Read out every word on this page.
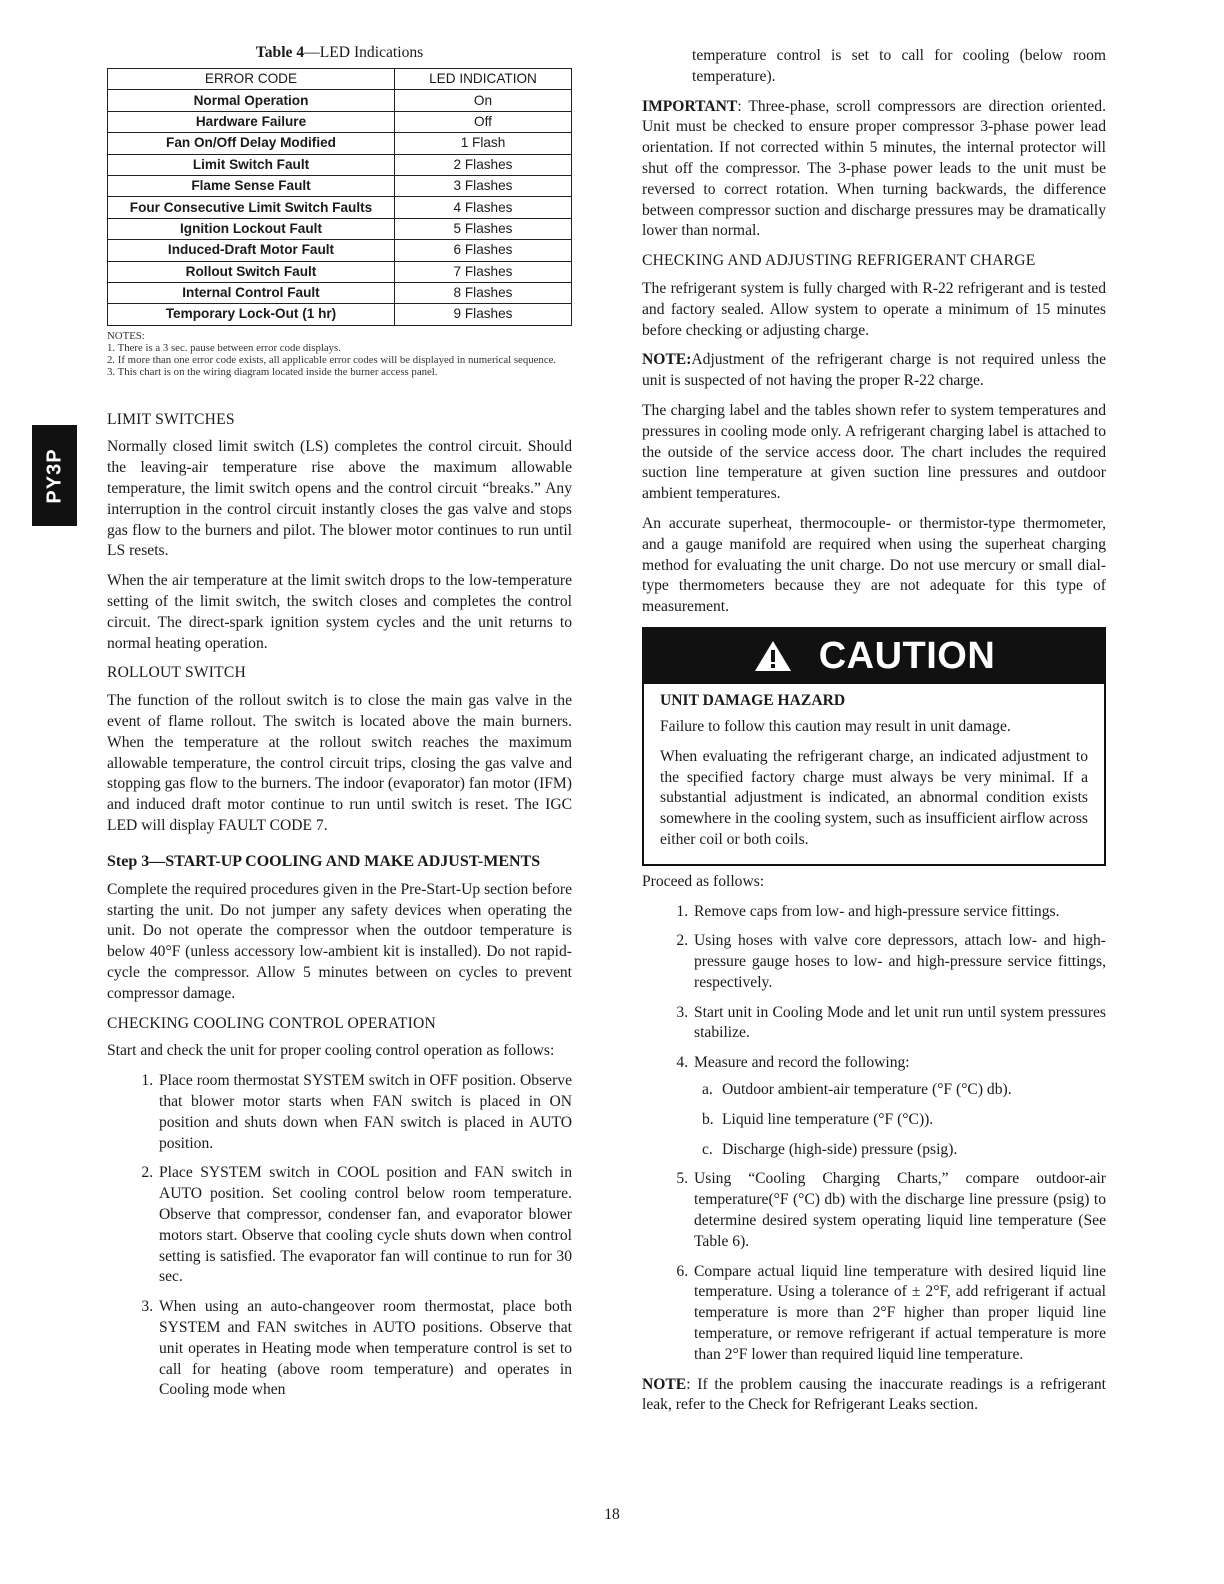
PY3P
Table 4—LED Indications
ERROR CODE	LED INDICATION
Normal Operation	On
Hardware Failure	Off
Fan On/Off Delay Modified	1 Flash
Limit Switch Fault	2 Flashes
Flame Sense Fault	3 Flashes
Four Consecutive Limit Switch Faults	4 Flashes
Ignition Lockout Fault	5 Flashes
Induced-Draft Motor Fault	6 Flashes
Rollout Switch Fault	7 Flashes
Internal Control Fault	8 Flashes
Temporary Lock-Out (1 hr)	9 Flashes
NOTES:
1. There is a 3 sec. pause between error code displays.
2. If more than one error code exists, all applicable error codes will be displayed in numerical sequence.
3. This chart is on the wiring diagram located inside the burner access panel.
LIMIT SWITCHES

Normally closed limit switch (LS) completes the control circuit. Should the leaving-air temperature rise above the maximum allowable temperature, the limit switch opens and the control circuit “breaks.” Any interruption in the control circuit instantly closes the gas valve and stops gas flow to the burners and pilot. The blower motor continues to run until LS resets.

When the air temperature at the limit switch drops to the low-temperature setting of the limit switch, the switch closes and completes the control circuit. The direct-spark ignition system cycles and the unit returns to normal heating operation.

ROLLOUT SWITCH

The function of the rollout switch is to close the main gas valve in the event of flame rollout. The switch is located above the main burners. When the temperature at the rollout switch reaches the maximum allowable temperature, the control circuit trips, closing the gas valve and stopping gas flow to the burners. The indoor (evaporator) fan motor (IFM) and induced draft motor continue to run until switch is reset. The IGC LED will display FAULT CODE 7.

Step 3—START-UP COOLING AND MAKE ADJUST-MENTS

Complete the required procedures given in the Pre-Start-Up section before starting the unit. Do not jumper any safety devices when operating the unit. Do not operate the compressor when the outdoor temperature is below 40°F (unless accessory low-ambient kit is installed). Do not rapid-cycle the compressor. Allow 5 minutes between on cycles to prevent compressor damage.

CHECKING COOLING CONTROL OPERATION

Start and check the unit for proper cooling control operation as follows:

1. Place room thermostat SYSTEM switch in OFF position. Observe that blower motor starts when FAN switch is placed in ON position and shuts down when FAN switch is placed in AUTO position.
2. Place SYSTEM switch in COOL position and FAN switch in AUTO position. Set cooling control below room temperature. Observe that compressor, condenser fan, and evaporator blower motors start. Observe that cooling cycle shuts down when control setting is satisfied. The evaporator fan will continue to run for 30 sec.
3. When using an auto-changeover room thermostat, place both SYSTEM and FAN switches in AUTO positions. Observe that unit operates in Heating mode when temperature control is set to call for heating (above room temperature) and operates in Cooling mode when

temperature control is set to call for cooling (below room temperature).

IMPORTANT: Three-phase, scroll compressors are direction oriented. Unit must be checked to ensure proper compressor 3-phase power lead orientation. If not corrected within 5 minutes, the internal protector will shut off the compressor. The 3-phase power leads to the unit must be reversed to correct rotation. When turning backwards, the difference between compressor suction and discharge pressures may be dramatically lower than normal.

CHECKING AND ADJUSTING REFRIGERANT CHARGE

The refrigerant system is fully charged with R-22 refrigerant and is tested and factory sealed. Allow system to operate a minimum of 15 minutes before checking or adjusting charge.

NOTE:Adjustment of the refrigerant charge is not required unless the unit is suspected of not having the proper R-22 charge.

The charging label and the tables shown refer to system temperatures and pressures in cooling mode only. A refrigerant charging label is attached to the outside of the service access door. The chart includes the required suction line temperature at given suction line pressures and outdoor ambient temperatures.

An accurate superheat, thermocouple- or thermistor-type thermometer, and a gauge manifold are required when using the superheat charging method for evaluating the unit charge. Do not use mercury or small dial-type thermometers because they are not adequate for this type of measurement.

CAUTION
UNIT DAMAGE HAZARD

Failure to follow this caution may result in unit damage.

When evaluating the refrigerant charge, an indicated adjustment to the specified factory charge must always be very minimal. If a substantial adjustment is indicated, an abnormal condition exists somewhere in the cooling system, such as insufficient airflow across either coil or both coils.

Proceed as follows:

1. Remove caps from low- and high-pressure service fittings.
2. Using hoses with valve core depressors, attach low- and high-pressure gauge hoses to low- and high-pressure service fittings, respectively.
3. Start unit in Cooling Mode and let unit run until system pressures stabilize.
4. Measure and record the following:
a. Outdoor ambient-air temperature (°F (°C) db).
b. Liquid line temperature (°F (°C)).
c. Discharge (high-side) pressure (psig).
5. Using “Cooling Charging Charts,” compare outdoor-air temperature(°F (°C) db) with the discharge line pressure (psig) to determine desired system operating liquid line temperature (See Table 6).
6. Compare actual liquid line temperature with desired liquid line temperature. Using a tolerance of ± 2°F, add refrigerant if actual temperature is more than 2°F higher than proper liquid line temperature, or remove refrigerant if actual temperature is more than 2°F lower than required liquid line temperature.

NOTE: If the problem causing the inaccurate readings is a refrigerant leak, refer to the Check for Refrigerant Leaks section.

18
